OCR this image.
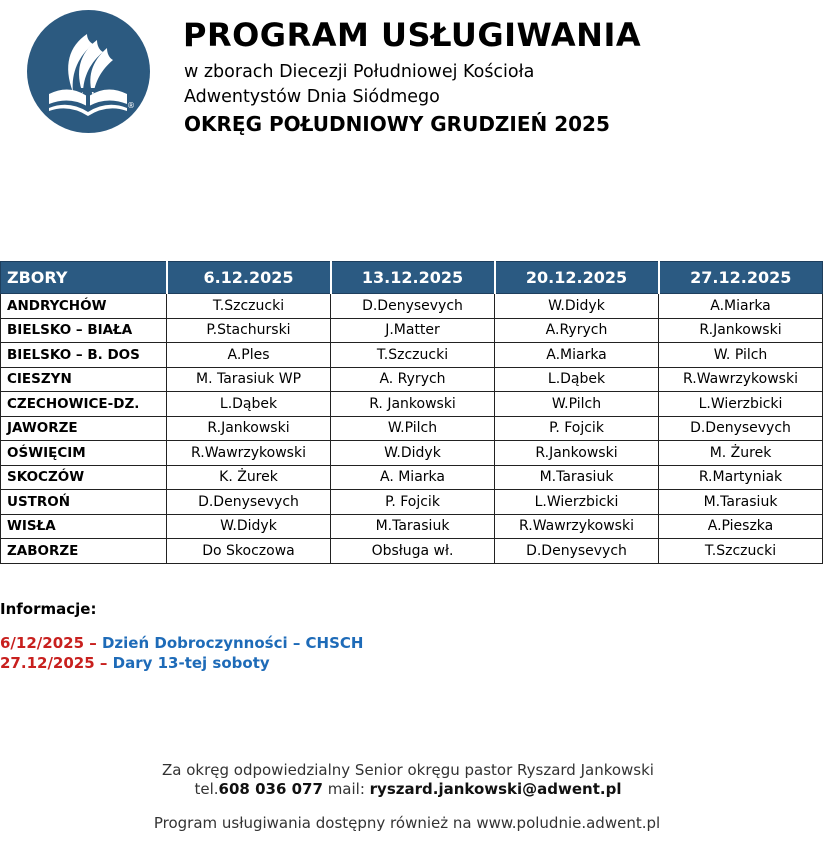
®
PROGRAM USŁUGIWANIA
w zborach Diecezji Południowej Kościoła
Adwentystów Dnia Siódmego
OKRĘG POŁUDNIOWY GRUDZIEŃ 2025
ZBORY	6.12.2025	13.12.2025	20.12.2025	27.12.2025
ANDRYCHÓW	T.Szczucki	D.Denysevych	W.Didyk	A.Miarka
BIELSKO – BIAŁA	P.Stachurski	J.Matter	A.Ryrych	R.Jankowski
BIELSKO – B. DOS	A.Ples	T.Szczucki	A.Miarka	W. Pilch
CIESZYN	M. Tarasiuk WP	A. Ryrych	L.Dąbek	R.Wawrzykowski
CZECHOWICE-DZ.	L.Dąbek	R. Jankowski	W.Pilch	L.Wierzbicki
JAWORZE	R.Jankowski	W.Pilch	P. Fojcik	D.Denysevych
OŚWIĘCIM	R.Wawrzykowski	W.Didyk	R.Jankowski	M. Żurek
SKOCZÓW	K. Żurek	A. Miarka	M.Tarasiuk	R.Martyniak
USTROŃ	D.Denysevych	P. Fojcik	L.Wierzbicki	M.Tarasiuk
WISŁA	W.Didyk	M.Tarasiuk	R.Wawrzykowski	A.Pieszka
ZABORZE	Do Skoczowa	Obsługa wł.	D.Denysevych	T.Szczucki
Informacje:
6/12/2025 – Dzień Dobroczynności – CHSCH
27.12/2025 – Dary 13-tej soboty
Za okręg odpowiedzialny Senior okręgu pastor Ryszard Jankowski
tel.608 036 077 mail: ryszard.jankowski@adwent.pl
Program usługiwania dostępny również na www.poludnie.adwent.pl
